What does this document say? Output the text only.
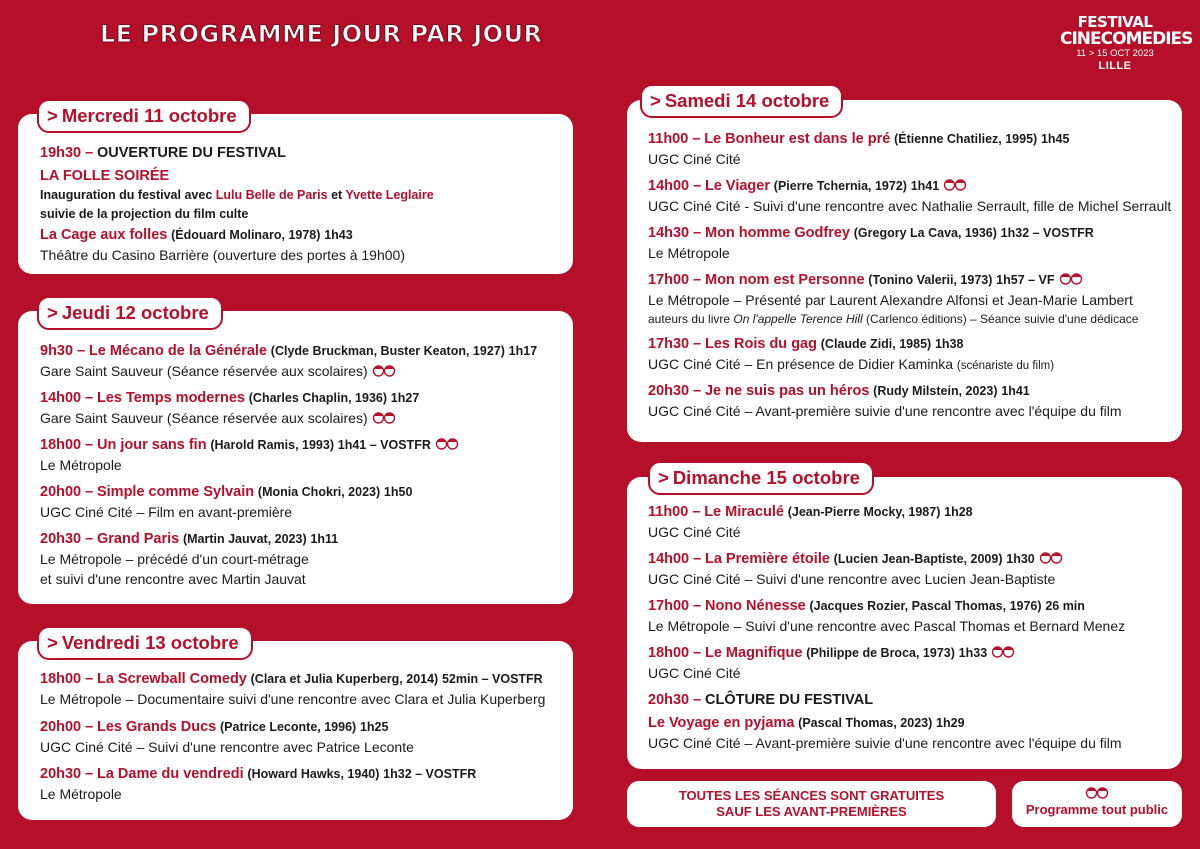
LE PROGRAMME JOUR PAR JOUR	FESTIVAL
CINECOMEDIES
11 > 15 OCT 2023
LILLE
> Mercredi 11 octobre
19h30 – OUVERTURE DU FESTIVAL
LA FOLLE SOIRÉE
Inauguration du festival avec Lulu Belle de Paris et Yvette Leglaire
suivie de la projection du film culte
La Cage aux folles (Édouard Molinaro, 1978) 1h43
Théâtre du Casino Barrière (ouverture des portes à 19h00)
> Jeudi 12 octobre
9h30 – Le Mécano de la Générale (Clyde Bruckman, Buster Keaton, 1927) 1h17
Gare Saint Sauveur (Séance réservée aux scolaires)
14h00 – Les Temps modernes (Charles Chaplin, 1936) 1h27
Gare Saint Sauveur (Séance réservée aux scolaires)
18h00 – Un jour sans fin (Harold Ramis, 1993) 1h41 – VOSTFR
Le Métropole
20h00 – Simple comme Sylvain (Monia Chokri, 2023) 1h50
UGC Ciné Cité – Film en avant-première
20h30 – Grand Paris (Martin Jauvat, 2023) 1h11
Le Métropole – précédé d'un court-métrage
et suivi d'une rencontre avec Martin Jauvat
> Vendredi 13 octobre
18h00 – La Screwball Comedy (Clara et Julia Kuperberg, 2014) 52min – VOSTFR
Le Métropole – Documentaire suivi d'une rencontre avec Clara et Julia Kuperberg
20h00 – Les Grands Ducs (Patrice Leconte, 1996) 1h25
UGC Ciné Cité – Suivi d'une rencontre avec Patrice Leconte
20h30 – La Dame du vendredi (Howard Hawks, 1940) 1h32 – VOSTFR
Le Métropole
> Samedi 14 octobre
11h00 – Le Bonheur est dans le pré (Étienne Chatiliez, 1995) 1h45
UGC Ciné Cité
14h00 – Le Viager (Pierre Tchernia, 1972) 1h41
UGC Ciné Cité - Suivi d'une rencontre avec Nathalie Serrault, fille de Michel Serrault
14h30 – Mon homme Godfrey (Gregory La Cava, 1936) 1h32 – VOSTFR
Le Métropole
17h00 – Mon nom est Personne (Tonino Valerii, 1973) 1h57 – VF
Le Métropole – Présenté par Laurent Alexandre Alfonsi et Jean-Marie Lambert
auteurs du livre On l'appelle Terence Hill (Carlenco éditions) – Séance suivie d'une dédicace
17h30 – Les Rois du gag (Claude Zidi, 1985) 1h38
UGC Ciné Cité – En présence de Didier Kaminka (scénariste du film)
20h30 – Je ne suis pas un héros (Rudy Milstein, 2023) 1h41
UGC Ciné Cité – Avant-première suivie d'une rencontre avec l'équipe du film
> Dimanche 15 octobre
11h00 – Le Miraculé (Jean-Pierre Mocky, 1987) 1h28
UGC Ciné Cité
14h00 – La Première étoile (Lucien Jean-Baptiste, 2009) 1h30
UGC Ciné Cité – Suivi d'une rencontre avec Lucien Jean-Baptiste
17h00 – Nono Nénesse (Jacques Rozier, Pascal Thomas, 1976) 26 min
Le Métropole – Suivi d'une rencontre avec Pascal Thomas et Bernard Menez
18h00 – Le Magnifique (Philippe de Broca, 1973) 1h33
UGC Ciné Cité
20h30 – CLÔTURE DU FESTIVAL
Le Voyage en pyjama (Pascal Thomas, 2023) 1h29
UGC Ciné Cité – Avant-première suivie d'une rencontre avec l'équipe du film
TOUTES LES SÉANCES SONT GRATUITES
SAUF LES AVANT-PREMIÈRES	Programme tout public
